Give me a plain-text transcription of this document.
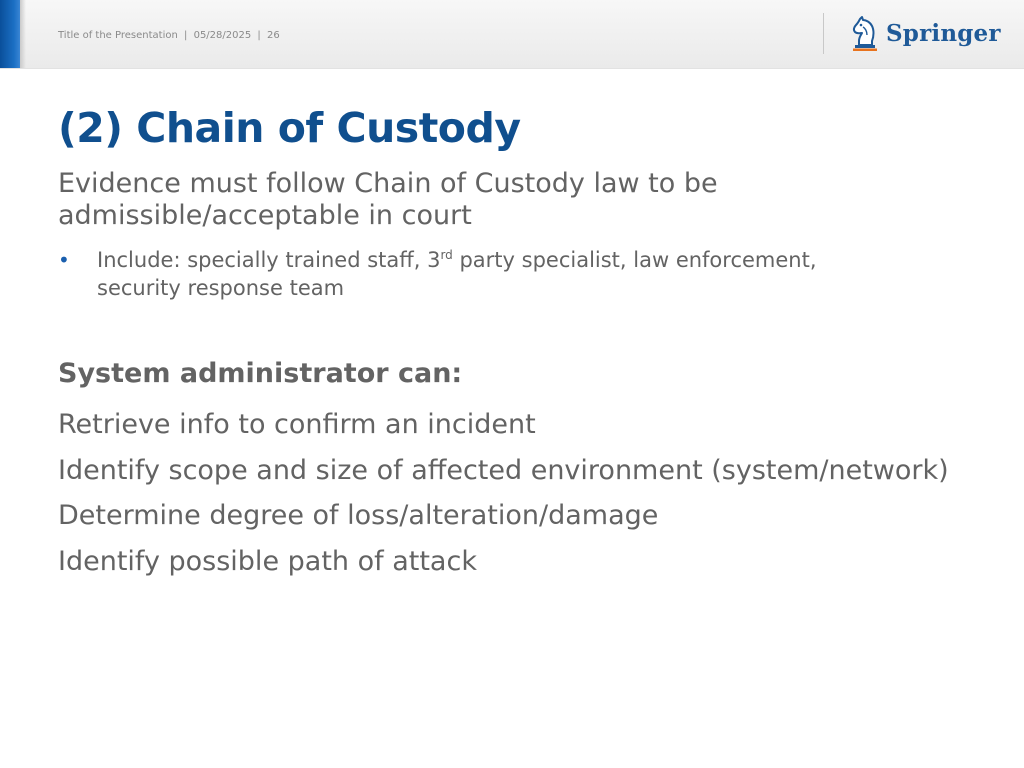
Title of the Presentation | 05/28/2025 | 26	Springer
(2) Chain of Custody

Evidence must follow Chain of Custody law to be admissible/acceptable in court

• Include: specially trained staff, 3rd party specialist, law enforcement, security response team
System administrator can:
Retrieve info to confirm an incident
Identify scope and size of affected environment (system/network)
Determine degree of loss/alteration/damage
Identify possible path of attack
